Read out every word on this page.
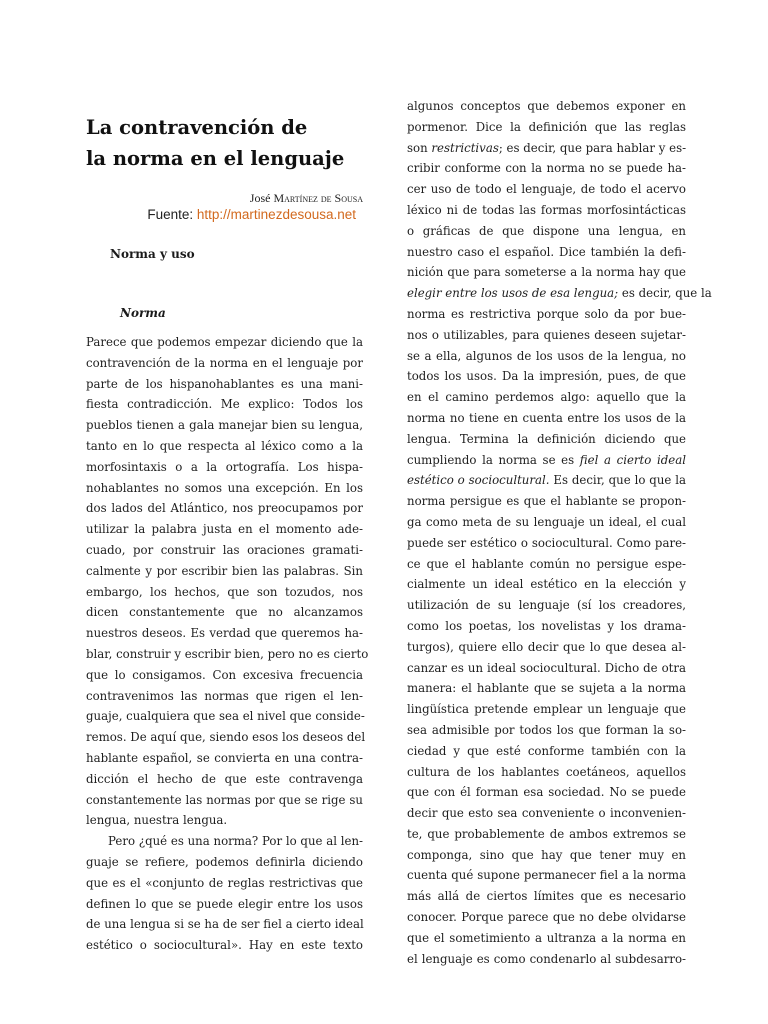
La contravención de
la norma en el lenguaje
José Martínez de Sousa
Fuente: http://martinezdesousa.net
Norma y uso
Norma
Parece que podemos empezar diciendo que la
contravención de la norma en el lenguaje por
parte de los hispanohablantes es una mani-
fiesta contradicción. Me explico: Todos los
pueblos tienen a gala manejar bien su lengua,
tanto en lo que respecta al léxico como a la
morfosintaxis o a la ortografía. Los hispa-
nohablantes no somos una excepción. En los
dos lados del Atlántico, nos preocupamos por
utilizar la palabra justa en el momento ade-
cuado, por construir las oraciones gramati-
calmente y por escribir bien las palabras. Sin
embargo, los hechos, que son tozudos, nos
dicen constantemente que no alcanzamos
nuestros deseos. Es verdad que queremos ha-
blar, construir y escribir bien, pero no es cierto
que lo consigamos. Con excesiva frecuencia
contravenimos las normas que rigen el len-
guaje, cualquiera que sea el nivel que conside-
remos. De aquí que, siendo esos los deseos del
hablante español, se convierta en una contra-
dicción el hecho de que este contravenga
constantemente las normas por que se rige su
lengua, nuestra lengua.
Pero ¿qué es una norma? Por lo que al len-
guaje se refiere, podemos definirla diciendo
que es el «conjunto de reglas restrictivas que
definen lo que se puede elegir entre los usos
de una lengua si se ha de ser fiel a cierto ideal
estético o sociocultural». Hay en este texto
algunos conceptos que debemos exponer en
pormenor. Dice la definición que las reglas
son restrictivas; es decir, que para hablar y es-
cribir conforme con la norma no se puede ha-
cer uso de todo el lenguaje, de todo el acervo
léxico ni de todas las formas morfosintácticas
o gráficas de que dispone una lengua, en
nuestro caso el español. Dice también la defi-
nición que para someterse a la norma hay que
elegir entre los usos de esa lengua; es decir, que la
norma es restrictiva porque solo da por bue-
nos o utilizables, para quienes deseen sujetar-
se a ella, algunos de los usos de la lengua, no
todos los usos. Da la impresión, pues, de que
en el camino perdemos algo: aquello que la
norma no tiene en cuenta entre los usos de la
lengua. Termina la definición diciendo que
cumpliendo la norma se es fiel a cierto ideal
estético o sociocultural. Es decir, que lo que la
norma persigue es que el hablante se propon-
ga como meta de su lenguaje un ideal, el cual
puede ser estético o sociocultural. Como pare-
ce que el hablante común no persigue espe-
cialmente un ideal estético en la elección y
utilización de su lenguaje (sí los creadores,
como los poetas, los novelistas y los drama-
turgos), quiere ello decir que lo que desea al-
canzar es un ideal sociocultural. Dicho de otra
manera: el hablante que se sujeta a la norma
lingüística pretende emplear un lenguaje que
sea admisible por todos los que forman la so-
ciedad y que esté conforme también con la
cultura de los hablantes coetáneos, aquellos
que con él forman esa sociedad. No se puede
decir que esto sea conveniente o inconvenien-
te, que probablemente de ambos extremos se
componga, sino que hay que tener muy en
cuenta qué supone permanecer fiel a la norma
más allá de ciertos límites que es necesario
conocer. Porque parece que no debe olvidarse
que el sometimiento a ultranza a la norma en
el lenguaje es como condenarlo al subdesarro-
